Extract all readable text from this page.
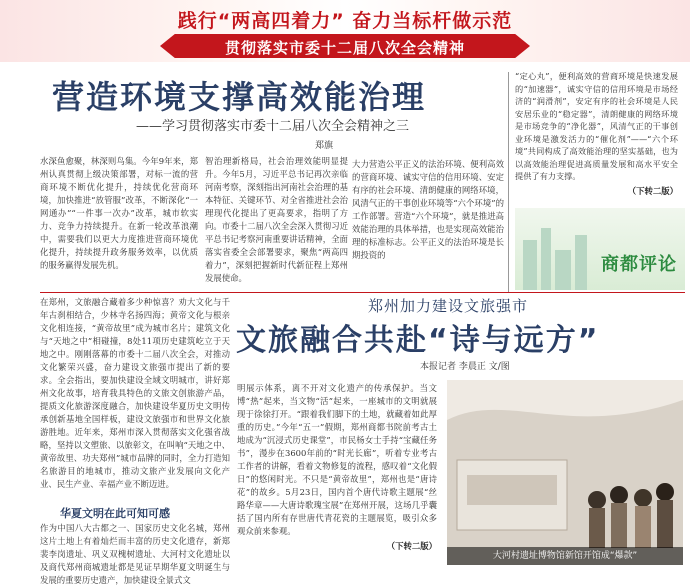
践行“两高四着力” 奋力当标杆做示范
贯彻落实市委十二届八次全会精神
营造环境支撑高效能治理
——学习贯彻落实市委十二届八次全会精神之三
郑旗
水深鱼愈聚，林深则鸟集。今年9年来，郑州认真贯彻上级决策部署，对标一流的营商环境不断优化提升，持续优化营商环境，加快推进“放管服”改革，不断深化“一网通办”“一件事一次办”改革，城市软实力、竞争力持续提升。在新一轮改革浪潮中，需要我们以更大力度推进营商环境优化提升，持续提升政务服务效率，以优质的服务赢得发展先机。
智治理新格局，社会治理效能明显提升。今年5月，习近平总书记再次亲临河南考察，深刻指出河南社会治理的基本特征、关键环节、对全省推进社会治理现代化提出了更高要求，指明了方向。市委十二届八次全会深入贯彻习近平总书记考察河南重要讲话精神，全面落实省委全会部署要求，聚焦“两高四着力”，深刻把握新时代新征程上郑州发展使命。
大力营造公平正义的法治环境、便利高效的营商环境、诚实守信的信用环境、安定有序的社会环境、清朗健康的网络环境，风清气正的干事创业环境等“六个环境”的工作部署。营造“六个环境”，就是推进高效能治理的具体举措，也是实现高效能治理的标准标志。公平正义的法治环境是长期投资的
“定心丸”，便利高效的营商环境是快速发展的“加速器”，诚实守信的信用环境是市场经济的“润滑剂”，安定有序的社会环境是人民安居乐业的“稳定器”，清朗健康的网络环境是市场竞争的“净化器”，风清气正的干事创业环境是激发活力的“催化剂”——“六个环境”共同构成了高效能治理的坚实基础，也为以高效能治理促进高质量发展和高水平安全提供了有力支撑。
（下转二版）
商都评论
郑州加力建设文旅强市
文旅融合共赴“诗与远方”
本报记者 李晨正 文/图
在郑州，文旅融合藏着多少种惊喜？劝大文化与千年古刹相结合，少林寺名扬四海；黄帝文化与根亲文化相连接，“黄帝故里”成为城市名片；建筑文化与“天地之中”相碰撞，8处11项历史建筑屹立于天地之中。刚刚落幕的市委十二届八次全会，对推动文化繁荣兴盛，奋力建设文旅强市提出了新的要求。全会指出，要加快建设全域文明城市，讲好郑州文化故事，培育我具特色的文旅文创旅游产品，提质文化旅游深度融合，加快建设华夏历史文明传承创新基地全国样板，建设文旅强市和世界文化旅游胜地。近年来，郑州市深入贯彻落实文化强省战略，坚持以文塑旅、以旅彰文，在叫响“天地之中、黄帝故里、功夫郑州”城市品牌的同时，全力打造知名旅游目的地城市，推动文旅产业发展向文化产业、民生产业、幸福产业不断迈进。
华夏文明在此可知可感
作为中国八大古都之一、国家历史文化名城，郑州这片土地上有着灿烂而丰富的历史文化遗存，新郑裴李岗遗址、巩义双槐树遗址、大河村文化遗址以及商代郑州商城遗址都是见证早期华夏文明诞生与发展的重要历史遗产，加快建设全景式文
明展示体系，离不开对文化遗产的传承保护。当文博“热”起来，当文物“活”起来，一座城市的文明就展现于徐徐打开。“跟着我们脚下的土地，就藏着如此厚重的历史。”今年“五一”假期，郑州商都书院前考古土地成为“沉浸式历史课堂”，市民杨女士手持“宝藏任务书”，漫步在3600年前的“时光长廊”，听着专业考古工作者的讲解，看着文物修复的流程，感叹着“文化假日”的悠闲时光。不只是“黄帝故里”，郑州也是“唐诗花”的故乡。5月23日，国内首个唐代诗歌主题展“丝路华章——大唐诗歌瑰宝展”在郑州开展，这场几乎囊括了国内所有存世唐代青花瓷的主题展览，吸引众多观众前来参观。
（下转二版）
大河村遗址博物馆新馆开馆成“爆款”
